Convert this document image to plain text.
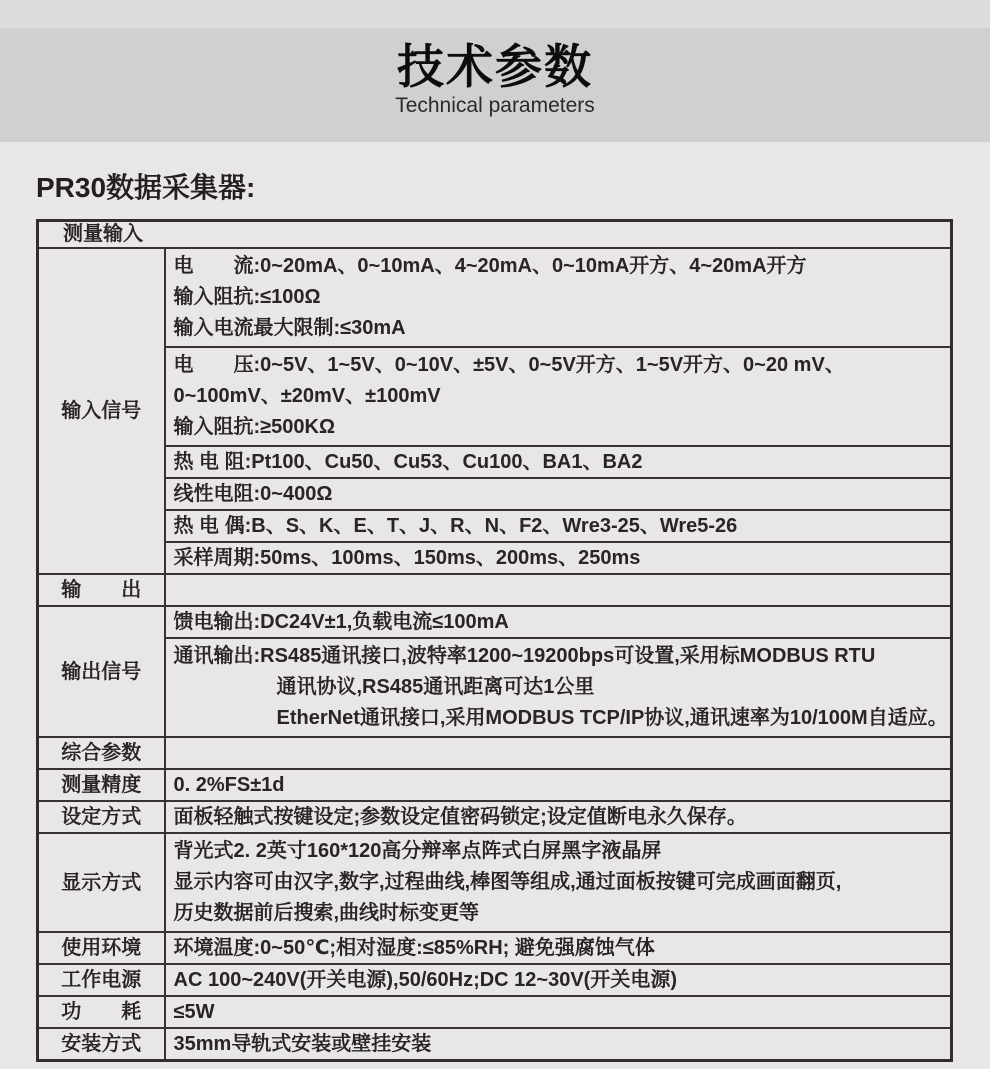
技术参数
Technical parameters
PR30数据采集器:
测量输入	
输入信号	电　　流:0~20mA、0~10mA、4~20mA、0~10mA开方、4~20mA开方
输入阻抗:≤100Ω
输入电流最大限制:≤30mA

	电　　压:0~5V、1~5V、0~10V、±5V、0~5V开方、1~5V开方、0~20 mV、
0~100mV、±20mV、±100mV
输入阻抗:≥500KΩ

	热 电 阻:Pt100、Cu50、Cu53、Cu100、BA1、BA2
	线性电阻:0~400Ω
	热 电 偶:B、S、K、E、T、J、R、N、F2、Wre3-25、Wre5-26
	采样周期:50ms、100ms、150ms、200ms、250ms
输　　出	
输出信号	馈电输出:DC24V±1,负载电流≤100mA

	通讯输出:RS485通讯接口,波特率1200~19200bps可设置,采用标MODBUS RTU
通讯协议,RS485通讯距离可达1公里
EtherNet通讯接口,采用MODBUS TCP/IP协议,通讯速率为10/100M自适应。

综合参数	
测量精度	0. 2%FS±1d
设定方式	面板轻触式按键设定;参数设定值密码锁定;设定值断电永久保存。
显示方式	背光式2. 2英寸160*120高分辩率点阵式白屏黑字液晶屏
显示内容可由汉字,数字,过程曲线,棒图等组成,通过面板按键可完成画面翻页,
历史数据前后搜索,曲线时标变更等

使用环境	环境温度:0~50℃;相对湿度:≤85%RH; 避免强腐蚀气体
工作电源	AC 100~240V(开关电源),50/60Hz;DC 12~30V(开关电源)
功　　耗	≤5W
安装方式	35mm导轨式安装或壁挂安装
